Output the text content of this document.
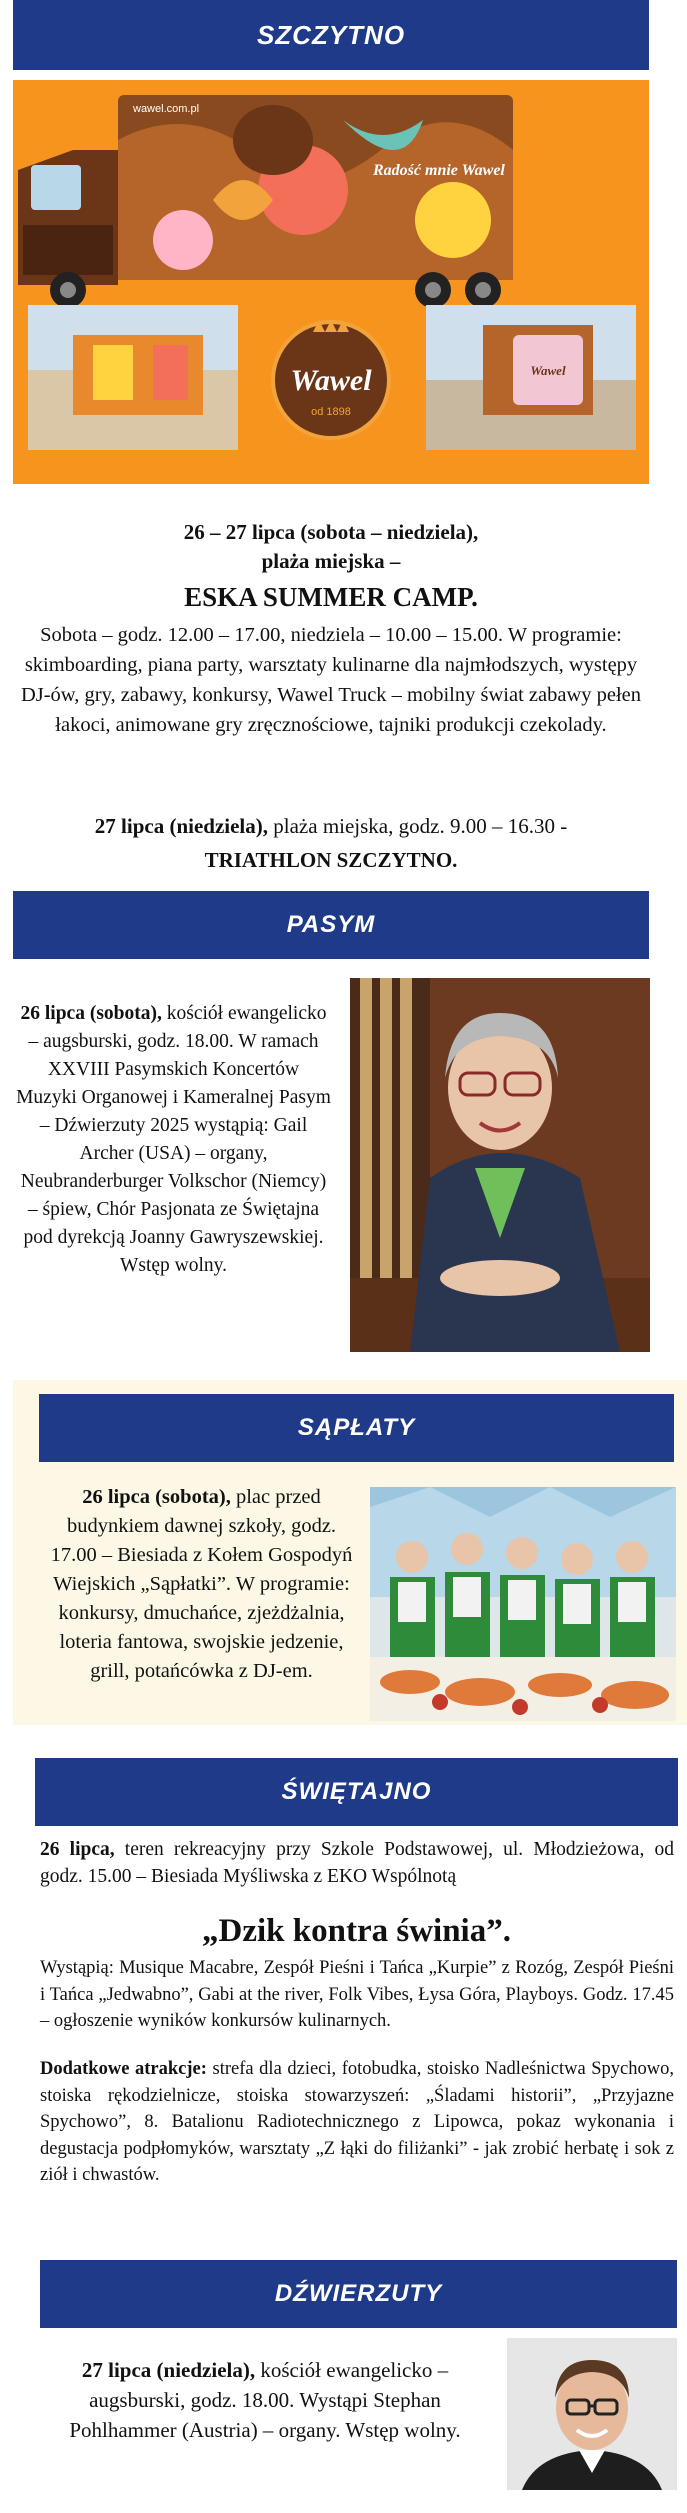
SZCZYTNO
Wawel
od 1898
wawel.com.pl
Radość mnie Wawel
Wawel
26 – 27 lipca (sobota – niedziela),
plaża miejska –
ESKA SUMMER CAMP.
Sobota – godz. 12.00 – 17.00, niedziela – 10.00 – 15.00. W programie: skimboarding, piana party, warsztaty kulinarne dla najmłodszych, występy DJ-ów, gry, zabawy, konkursy, Wawel Truck – mobilny świat zabawy pełen łakoci, animowane gry zręcznościowe, tajniki produkcji czekolady.
27 lipca (niedziela), plaża miejska, godz. 9.00 – 16.30 -
TRIATHLON SZCZYTNO.
PASYM
26 lipca (sobota), kościół ewangelicko – augsburski, godz. 18.00. W ramach XXVIII Pasymskich Koncertów Muzyki Organowej i Kameralnej Pasym – Dźwierzuty 2025 wystąpią: Gail Archer (USA) – organy, Neubranderburger Volkschor (Niemcy) – śpiew, Chór Pasjonata ze Świętajna pod dyrekcją Joanny Gawryszewskiej. Wstęp wolny.
SĄPŁATY
26 lipca (sobota), plac przed budynkiem dawnej szkoły, godz. 17.00 – Biesiada z Kołem Gospodyń Wiejskich „Sąpłatki”. W programie: konkursy, dmuchańce, zjeżdżalnia, loteria fantowa, swojskie jedzenie, grill, potańcówka z DJ-em.
ŚWIĘTAJNO
26 lipca, teren rekreacyjny przy Szkole Podstawowej, ul. Młodzieżowa, od godz. 15.00 – Biesiada Myśliwska z EKO Wspólnotą
„Dzik kontra świnia”.
Wystąpią: Musique Macabre, Zespół Pieśni i Tańca „Kurpie” z Rozóg, Zespół Pieśni i Tańca „Jedwabno”, Gabi at the river, Folk Vibes, Łysa Góra, Playboys. Godz. 17.45 – ogłoszenie wyników konkursów kulinarnych.
Dodatkowe atrakcje: strefa dla dzieci, fotobudka, stoisko Nadleśnictwa Spychowo, stoiska rękodzielnicze, stoiska stowarzyszeń: „Śladami historii”, „Przyjazne Spychowo”, 8. Batalionu Radiotechnicznego z Lipowca, pokaz wykonania i degustacja podpłomyków, warsztaty „Z łąki do filiżanki” - jak zrobić herbatę i sok z ziół i chwastów.
DŹWIERZUTY
27 lipca (niedziela), kościół ewangelicko – augsburski, godz. 18.00. Wystąpi Stephan Pohlhammer (Austria) – organy. Wstęp wolny.
